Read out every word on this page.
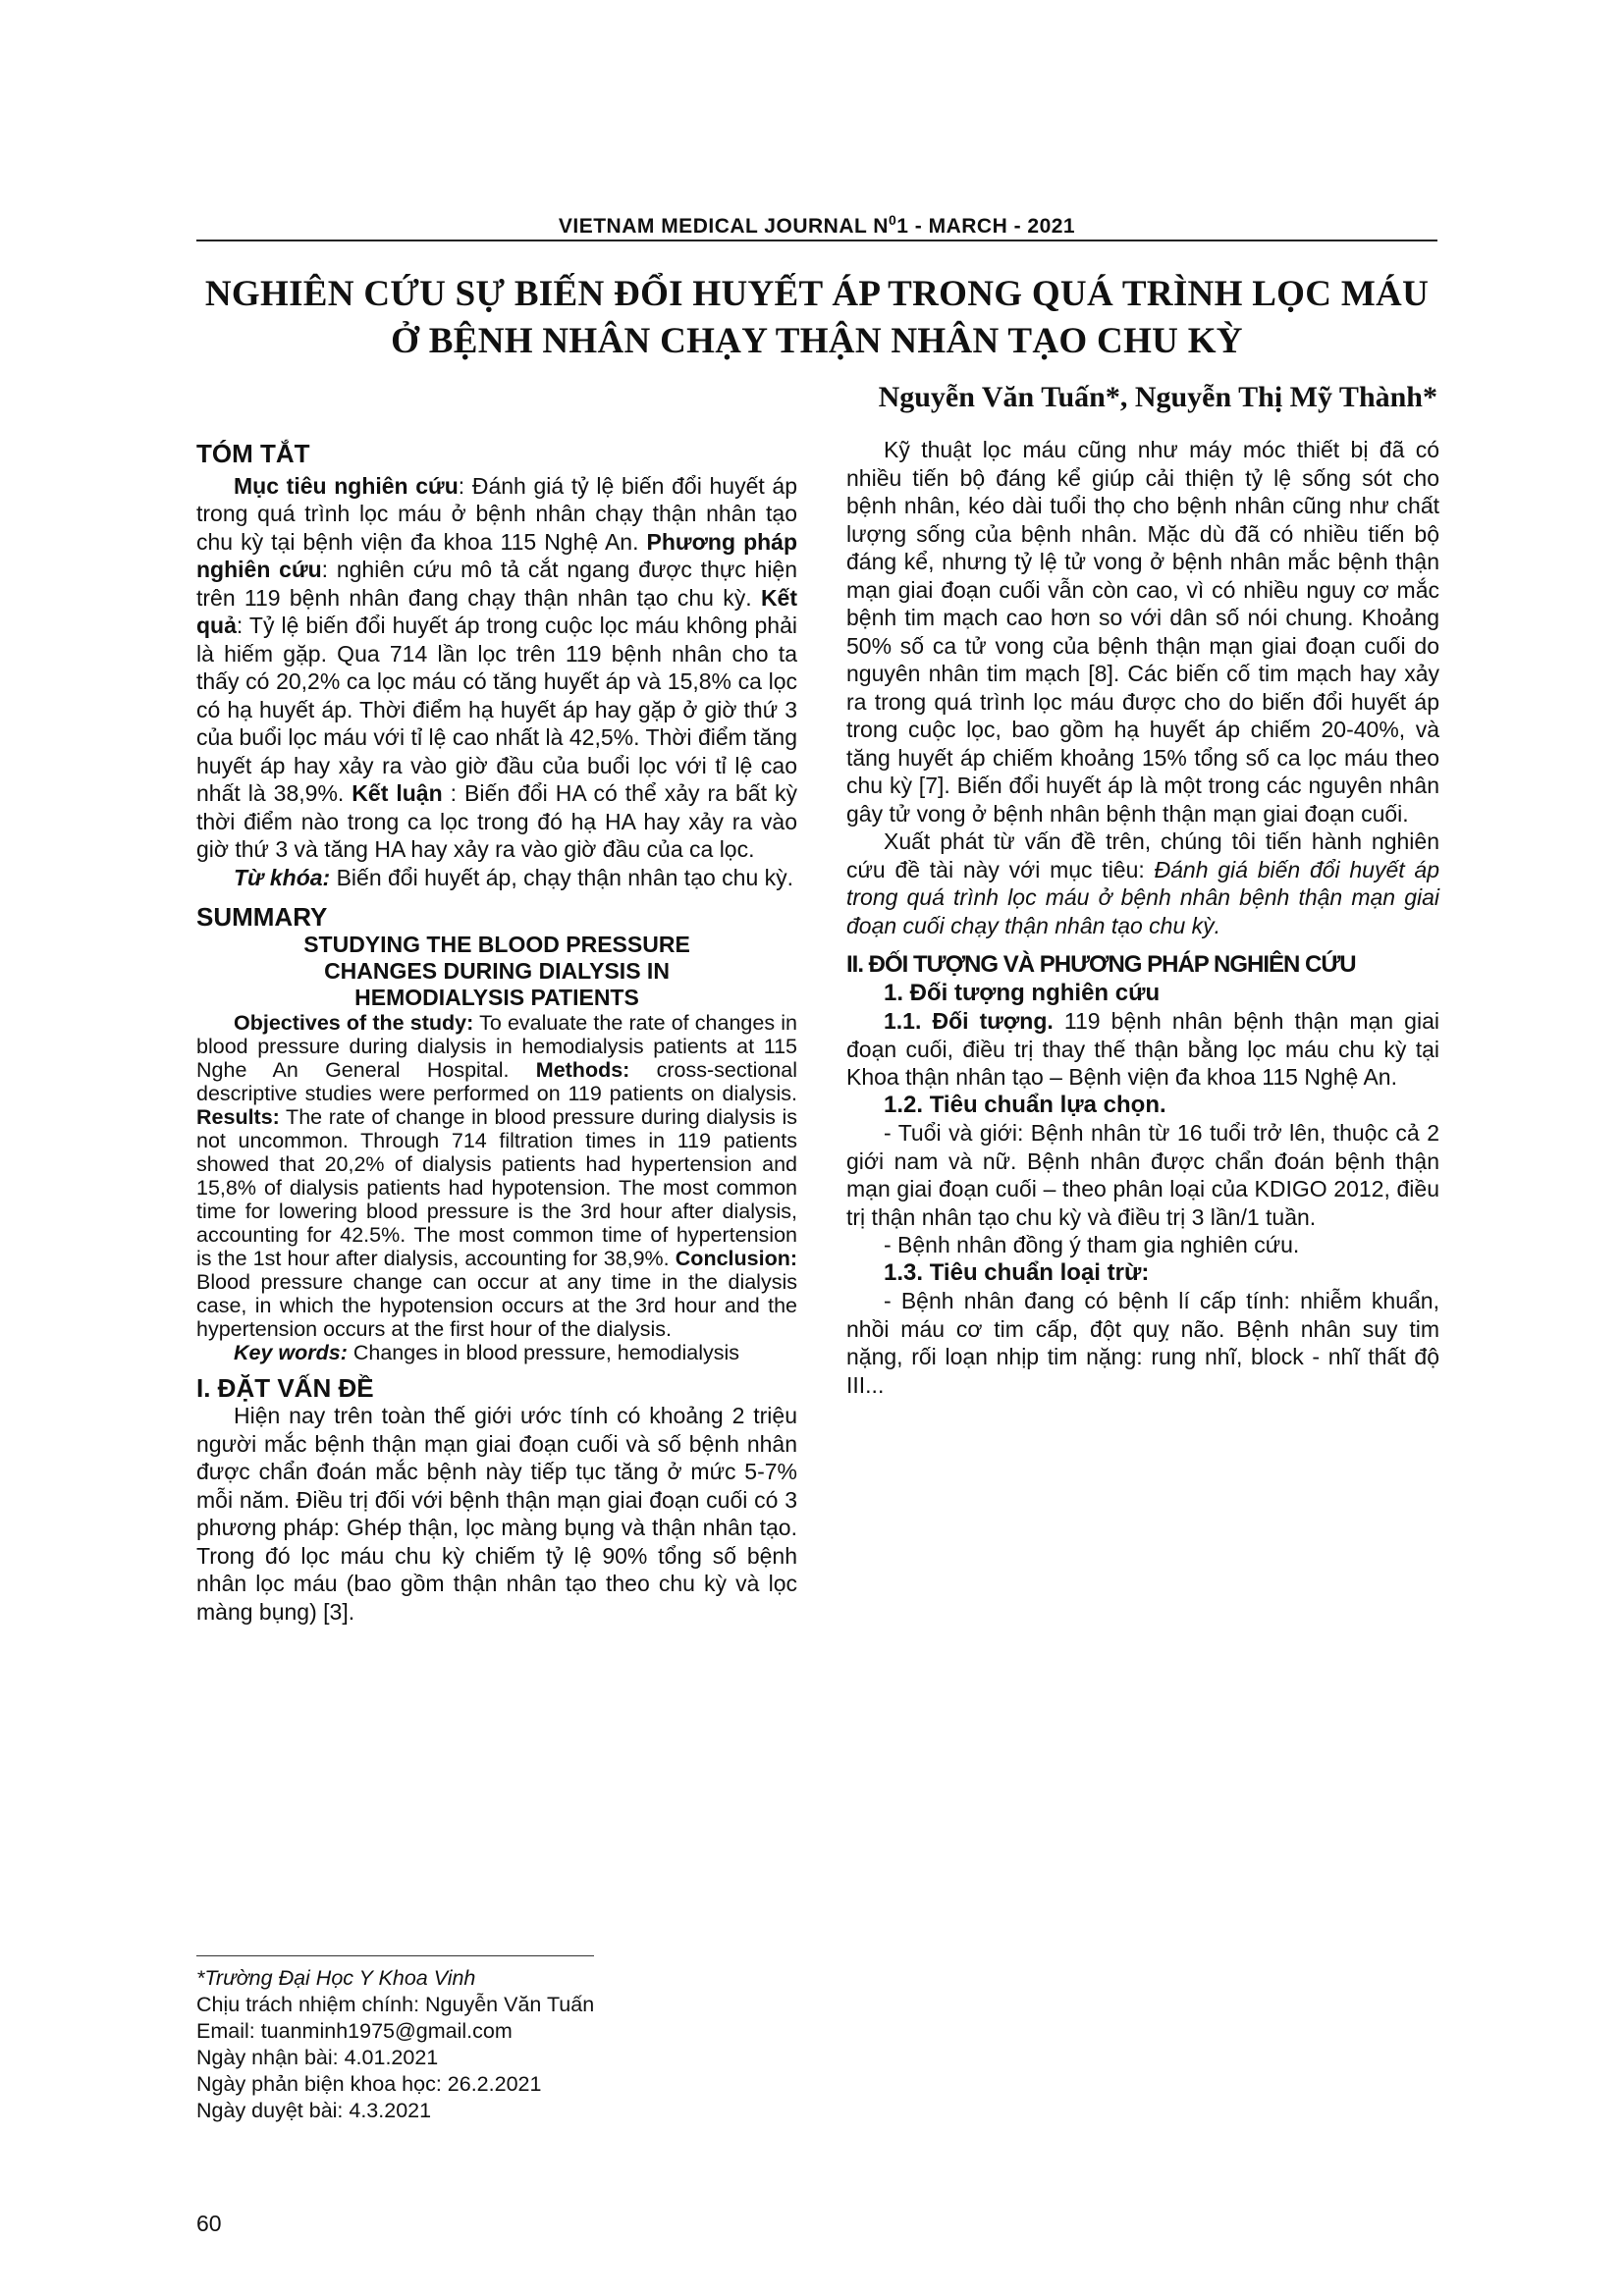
VIETNAM MEDICAL JOURNAL $N^01$ - MARCH - 2021
NGHIÊN CỨU SỰ BIẾN ĐỔI HUYẾT ÁP TRONG QUÁ TRÌNH LỌC MÁU
Ở BỆNH NHÂN CHẠY THẬN NHÂN TẠO CHU KỲ
Nguyễn Văn Tuấn*, Nguyễn Thị Mỹ Thành*

TÓM TẮT

Mục tiêu nghiên cứu: Đánh giá tỷ lệ biến đổi huyết áp trong quá trình lọc máu ở bệnh nhân chạy thận nhân tạo chu kỳ tại bệnh viện đa khoa 115 Nghệ An. Phương pháp nghiên cứu: nghiên cứu mô tả cắt ngang được thực hiện trên 119 bệnh nhân đang chạy thận nhân tạo chu kỳ. Kết quả: Tỷ lệ biến đổi huyết áp trong cuộc lọc máu không phải là hiếm gặp. Qua 714 lần lọc trên 119 bệnh nhân cho ta thấy có 20,2% ca lọc máu có tăng huyết áp và 15,8% ca lọc có hạ huyết áp. Thời điểm hạ huyết áp hay gặp ở giờ thứ 3 của buổi lọc máu với tỉ lệ cao nhất là 42,5%. Thời điểm tăng huyết áp hay xảy ra vào giờ đầu của buổi lọc với tỉ lệ cao nhất là 38,9%. Kết luận : Biến đổi HA có thể xảy ra bất kỳ thời điểm nào trong ca lọc trong đó hạ HA hay xảy ra vào giờ thứ 3 và tăng HA hay xảy ra vào giờ đầu của ca lọc.

Từ khóa: Biến đổi huyết áp, chạy thận nhân tạo chu kỳ.

SUMMARY

STUDYING THE BLOOD PRESSURE
CHANGES DURING DIALYSIS IN
HEMODIALYSIS PATIENTS

Objectives of the study: To evaluate the rate of changes in blood pressure during dialysis in hemodialysis patients at 115 Nghe An General Hospital. Methods: cross-sectional descriptive studies were performed on 119 patients on dialysis. Results: The rate of change in blood pressure during dialysis is not uncommon. Through 714 filtration times in 119 patients showed that 20,2% of dialysis patients had hypertension and 15,8% of dialysis patients had hypotension. The most common time for lowering blood pressure is the 3rd hour after dialysis, accounting for 42.5%. The most common time of hypertension is the 1st hour after dialysis, accounting for 38,9%. Conclusion: Blood pressure change can occur at any time in the dialysis case, in which the hypotension occurs at the 3rd hour and the hypertension occurs at the first hour of the dialysis.

Key words: Changes in blood pressure, hemodialysis

I. ĐẶT VẤN ĐỀ

Hiện nay trên toàn thế giới ước tính có khoảng 2 triệu người mắc bệnh thận mạn giai đoạn cuối và số bệnh nhân được chẩn đoán mắc bệnh này tiếp tục tăng ở mức 5-7% mỗi năm. Điều trị đối với bệnh thận mạn giai đoạn cuối có 3 phương pháp: Ghép thận, lọc màng bụng và thận nhân tạo. Trong đó lọc máu chu kỳ chiếm tỷ lệ 90% tổng số bệnh nhân lọc máu (bao gồm thận nhân tạo theo chu kỳ và lọc màng bụng) [3].

Kỹ thuật lọc máu cũng như máy móc thiết bị đã có nhiều tiến bộ đáng kể giúp cải thiện tỷ lệ sống sót cho bệnh nhân, kéo dài tuổi thọ cho bệnh nhân cũng như chất lượng sống của bệnh nhân. Mặc dù đã có nhiều tiến bộ đáng kể, nhưng tỷ lệ tử vong ở bệnh nhân mắc bệnh thận mạn giai đoạn cuối vẫn còn cao, vì có nhiều nguy cơ mắc bệnh tim mạch cao hơn so với dân số nói chung. Khoảng 50% số ca tử vong của bệnh thận mạn giai đoạn cuối do nguyên nhân tim mạch [8]. Các biến cố tim mạch hay xảy ra trong quá trình lọc máu được cho do biến đổi huyết áp trong cuộc lọc, bao gồm hạ huyết áp chiếm 20-40%, và tăng huyết áp chiếm khoảng 15% tổng số ca lọc máu theo chu kỳ [7]. Biến đổi huyết áp là một trong các nguyên nhân gây tử vong ở bệnh nhân bệnh thận mạn giai đoạn cuối.

Xuất phát từ vấn đề trên, chúng tôi tiến hành nghiên cứu đề tài này với mục tiêu: Đánh giá biến đổi huyết áp trong quá trình lọc máu ở bệnh nhân bệnh thận mạn giai đoạn cuối chạy thận nhân tạo chu kỳ.

II. ĐỐI TƯỢNG VÀ PHƯƠNG PHÁP NGHIÊN CỨU

1. Đối tượng nghiên cứu

1.1. Đối tượng. 119 bệnh nhân bệnh thận mạn giai đoạn cuối, điều trị thay thế thận bằng lọc máu chu kỳ tại Khoa thận nhân tạo – Bệnh viện đa khoa 115 Nghệ An.

1.2. Tiêu chuẩn lựa chọn.

- Tuổi và giới: Bệnh nhân từ 16 tuổi trở lên, thuộc cả 2 giới nam và nữ. Bệnh nhân được chẩn đoán bệnh thận mạn giai đoạn cuối – theo phân loại của KDIGO 2012, điều trị thận nhân tạo chu kỳ và điều trị 3 lần/1 tuần.

- Bệnh nhân đồng ý tham gia nghiên cứu.

1.3. Tiêu chuẩn loại trừ:

- Bệnh nhân đang có bệnh lí cấp tính: nhiễm khuẩn, nhồi máu cơ tim cấp, đột quỵ não. Bệnh nhân suy tim nặng, rối loạn nhịp tim nặng: rung nhĩ, block - nhĩ thất độ III...

*Trường Đại Học Y Khoa Vinh

Chịu trách nhiệm chính: Nguyễn Văn Tuấn

Email: tuanminh1975@gmail.com

Ngày nhận bài: 4.01.2021

Ngày phản biện khoa học: 26.2.2021

Ngày duyệt bài: 4.3.2021

60
